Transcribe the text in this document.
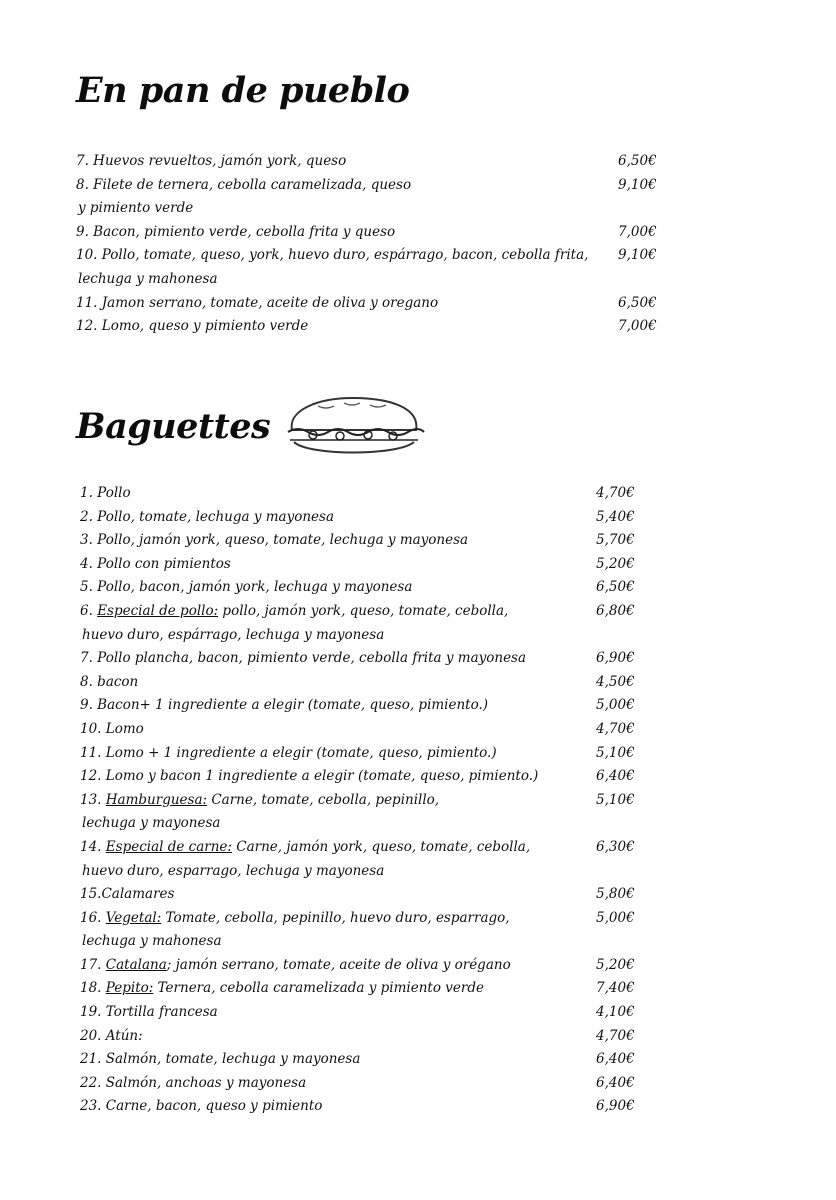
En pan de pueblo
7. Huevos revueltos, jamón york, queso	6,50€
8. Filete de ternera, cebolla caramelizada, queso	9,10€
y pimiento verde
9. Bacon, pimiento verde, cebolla frita y queso	7,00€
10. Pollo, tomate, queso, york, huevo duro, espárrago, bacon, cebolla frita, 9,10€
lechuga y mahonesa
11. Jamon serrano, tomate, aceite de oliva y oregano	6,50€
12. Lomo, queso y pimiento verde	7,00€
Baguettes
1. Pollo	4,70€
2. Pollo, tomate, lechuga y mayonesa	5,40€
3. Pollo, jamón york, queso, tomate, lechuga y mayonesa	5,70€
4. Pollo con pimientos	5,20€
5. Pollo, bacon, jamón york, lechuga y mayonesa	6,50€
6. Especial de pollo: pollo, jamón york, queso, tomate, cebolla,	6,80€
huevo duro, espárrago, lechuga y mayonesa
7. Pollo plancha, bacon, pimiento verde, cebolla frita y mayonesa	6,90€
8. bacon	4,50€
9. Bacon+ 1 ingrediente a elegir (tomate, queso, pimiento.)	5,00€
10. Lomo	4,70€
11. Lomo + 1 ingrediente a elegir (tomate, queso, pimiento.)	5,10€
12. Lomo y bacon 1 ingrediente a elegir (tomate, queso, pimiento.)	6,40€
13. Hamburguesa: Carne, tomate, cebolla, pepinillo,	5,10€
lechuga y mayonesa
14. Especial de carne: Carne, jamón york, queso, tomate, cebolla,	6,30€
huevo duro, esparrago, lechuga y mayonesa
15.Calamares	5,80€
16. Vegetal: Tomate, cebolla, pepinillo, huevo duro, esparrago,	5,00€
lechuga y mahonesa
17. Catalana; jamón serrano, tomate, aceite de oliva y orégano	5,20€
18. Pepito: Ternera, cebolla caramelizada y pimiento verde	7,40€
19. Tortilla francesa	4,10€
20. Atún:	4,70€
21. Salmón, tomate, lechuga y mayonesa	6,40€
22. Salmón, anchoas y mayonesa	6,40€
23. Carne, bacon, queso y pimiento	6,90€
